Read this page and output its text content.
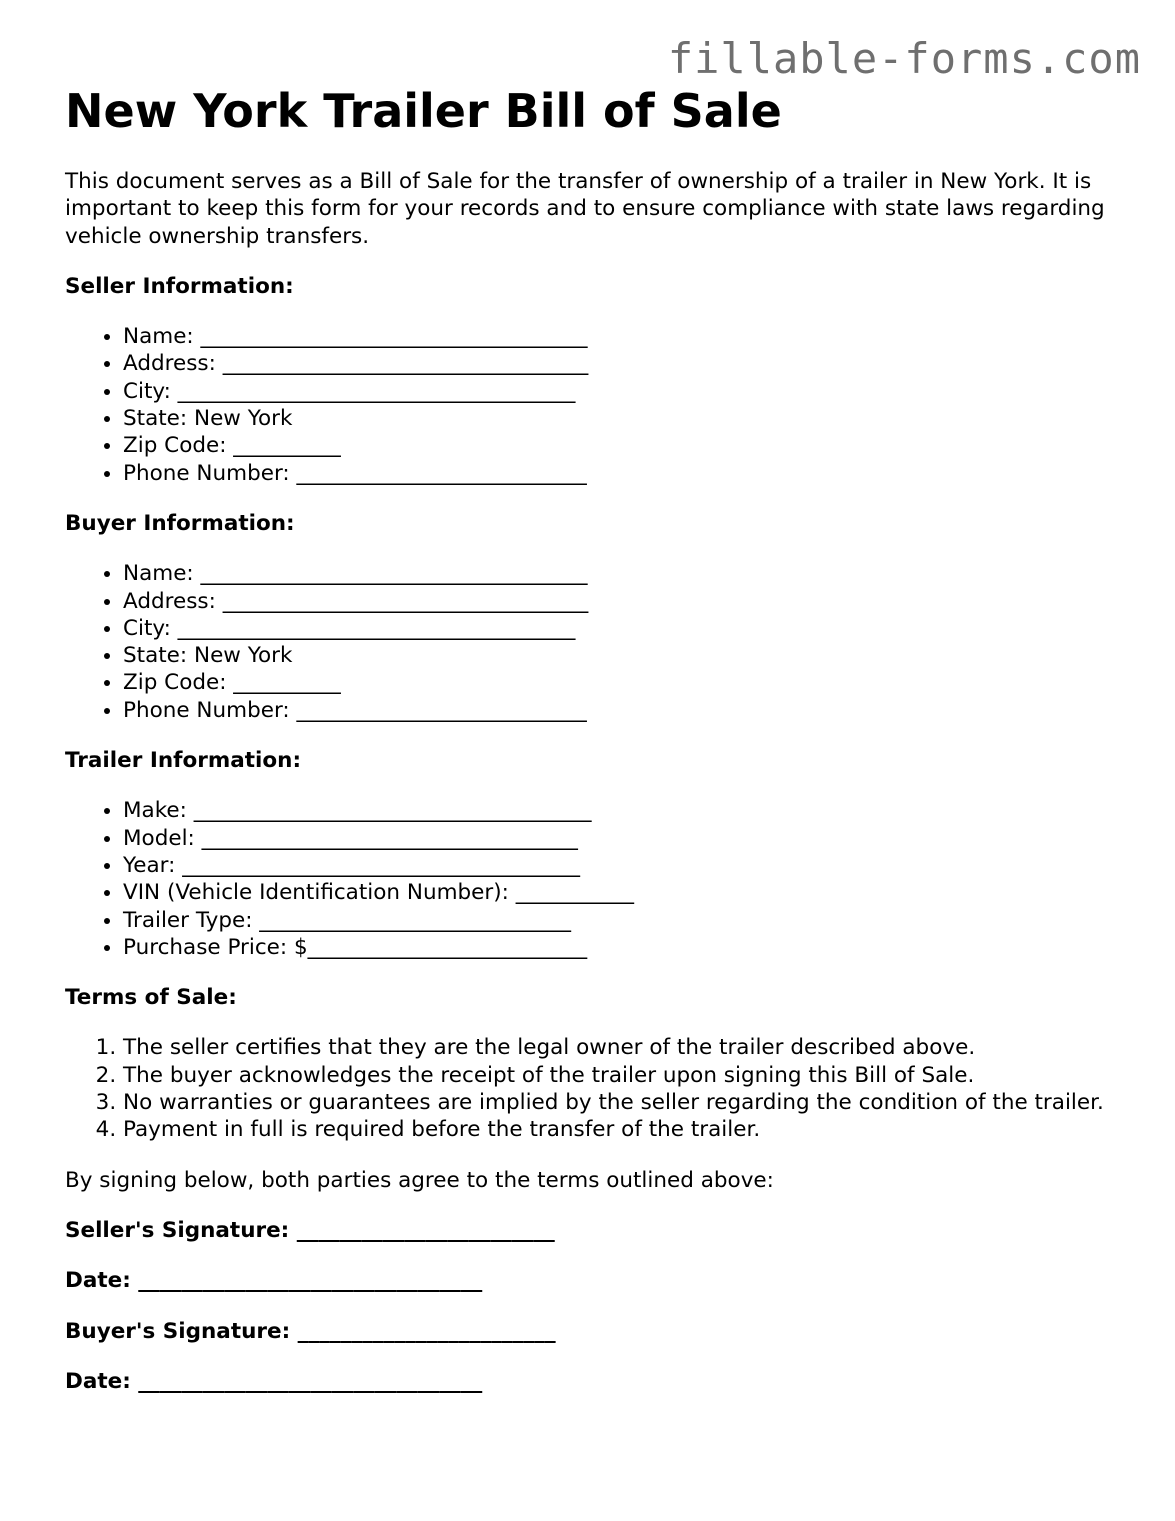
fillable-forms.com
New York Trailer Bill of Sale

This document serves as a Bill of Sale for the transfer of ownership of a trailer in New York. It is important to keep this form for your records and to ensure compliance with state laws regarding vehicle ownership transfers.

Seller Information:
• Name: ____________________________________
• Address: __________________________________
• City: _____________________________________
• State: New York
• Zip Code: __________
• Phone Number: ___________________________
Buyer Information:
• Name: ____________________________________
• Address: __________________________________
• City: _____________________________________
• State: New York
• Zip Code: __________
• Phone Number: ___________________________
Trailer Information:
• Make: _____________________________________
• Model: ___________________________________
• Year: _____________________________________
• VIN (Vehicle Identification Number): ___________
• Trailer Type: _____________________________
• Purchase Price: $__________________________
Terms of Sale:
1. The seller certifies that they are the legal owner of the trailer described above.
2. The buyer acknowledges the receipt of the trailer upon signing this Bill of Sale.
3. No warranties or guarantees are implied by the seller regarding the condition of the trailer.
4. Payment in full is required before the transfer of the trailer.

By signing below, both parties agree to the terms outlined above:

Seller's Signature: ________________________

Date: ________________________________

Buyer's Signature: ________________________

Date: ________________________________
